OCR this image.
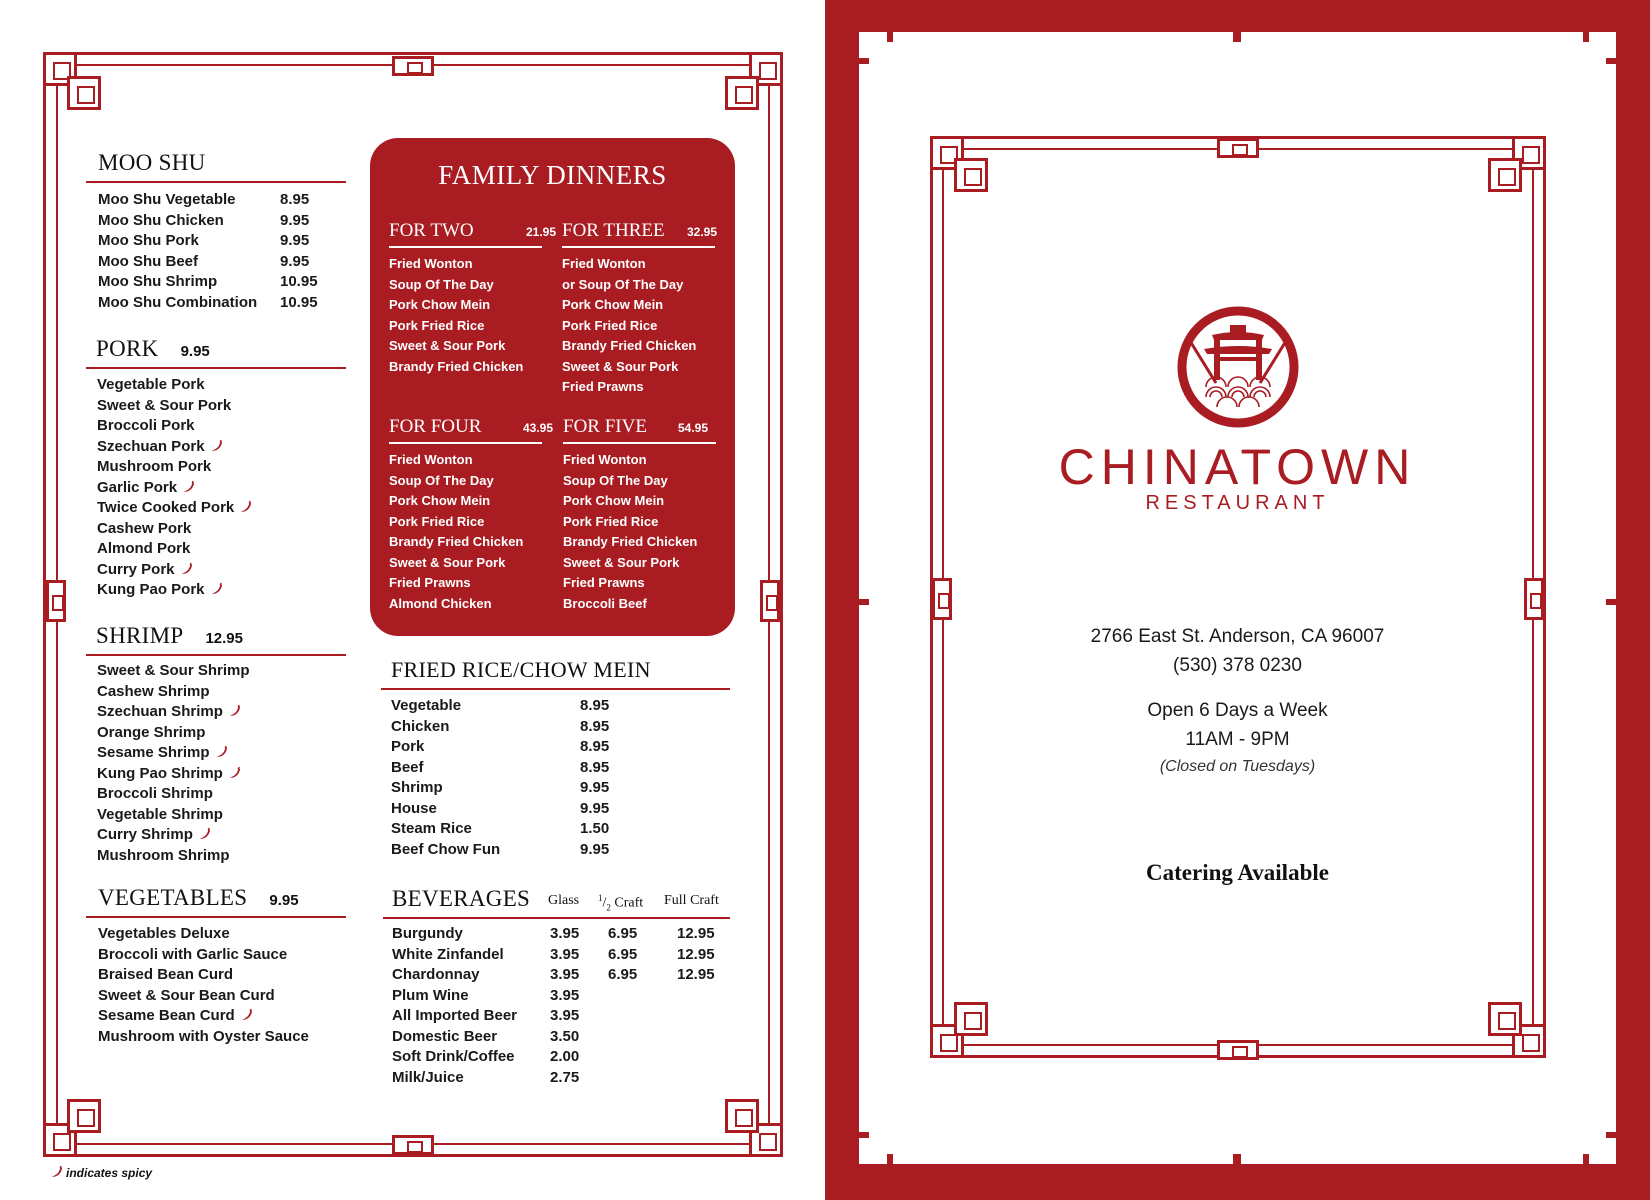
MOO SHU
Moo Shu Vegetable	8.95
Moo Shu Chicken	9.95
Moo Shu Pork	9.95
Moo Shu Beef	9.95
Moo Shu Shrimp	10.95
Moo Shu Combination 10.95
PORK 9.95
Vegetable Pork
Sweet & Sour Pork
Broccoli Pork
Szechuan Pork
Mushroom Pork
Garlic Pork
Twice Cooked Pork
Cashew Pork
Almond Pork
Curry Pork
Kung Pao Pork
SHRIMP 12.95
Sweet & Sour Shrimp
Cashew Shrimp
Szechuan Shrimp
Orange Shrimp
Sesame Shrimp
Kung Pao Shrimp
Broccoli Shrimp
Vegetable Shrimp
Curry Shrimp
Mushroom Shrimp
VEGETABLES 9.95
Vegetables Deluxe
Broccoli with Garlic Sauce
Braised Bean Curd
Sweet & Sour Bean Curd
Sesame Bean Curd
Mushroom with Oyster Sauce
FAMILY DINNERS
FOR TWO	21.95
Fried Wonton
Soup Of The Day
Pork Chow Mein
Pork Fried Rice
Sweet & Sour Pork
Brandy Fried Chicken
FOR THREE 32.95
Fried Wonton
or Soup Of The Day
Pork Chow Mein
Pork Fried Rice
Brandy Fried Chicken
Sweet & Sour Pork
Fried Prawns
FOR FOUR	43.95
Fried Wonton
Soup Of The Day
Pork Chow Mein
Pork Fried Rice
Brandy Fried Chicken
Sweet & Sour Pork
Fried Prawns
Almond Chicken
FOR FIVE	54.95
Fried Wonton
Soup Of The Day
Pork Chow Mein
Pork Fried Rice
Brandy Fried Chicken
Sweet & Sour Pork
Fried Prawns
Broccoli Beef
FRIED RICE/CHOW MEIN
Vegetable	8.95
Chicken	8.95
Pork	8.95
Beef	8.95
Shrimp	9.95
House	9.95
Steam Rice	1.50
Beef Chow Fun	9.95
BEVERAGES Glass $^1/_2$ Craft Full Craft
Burgundy	3.95 6.95	12.95
White Zinfandel	3.95 6.95	12.95
Chardonnay	3.95 6.95	12.95
Plum Wine	3.95
All Imported Beer 3.95
Domestic Beer	3.50
Soft Drink/Coffee 2.00
Milk/Juice	2.75
indicates spicy
CHINATOWN
RESTAURANT
2766 East St. Anderson, CA 96007
(530) 378 0230
Open 6 Days a Week
11AM - 9PM
(Closed on Tuesdays)
Catering Available
